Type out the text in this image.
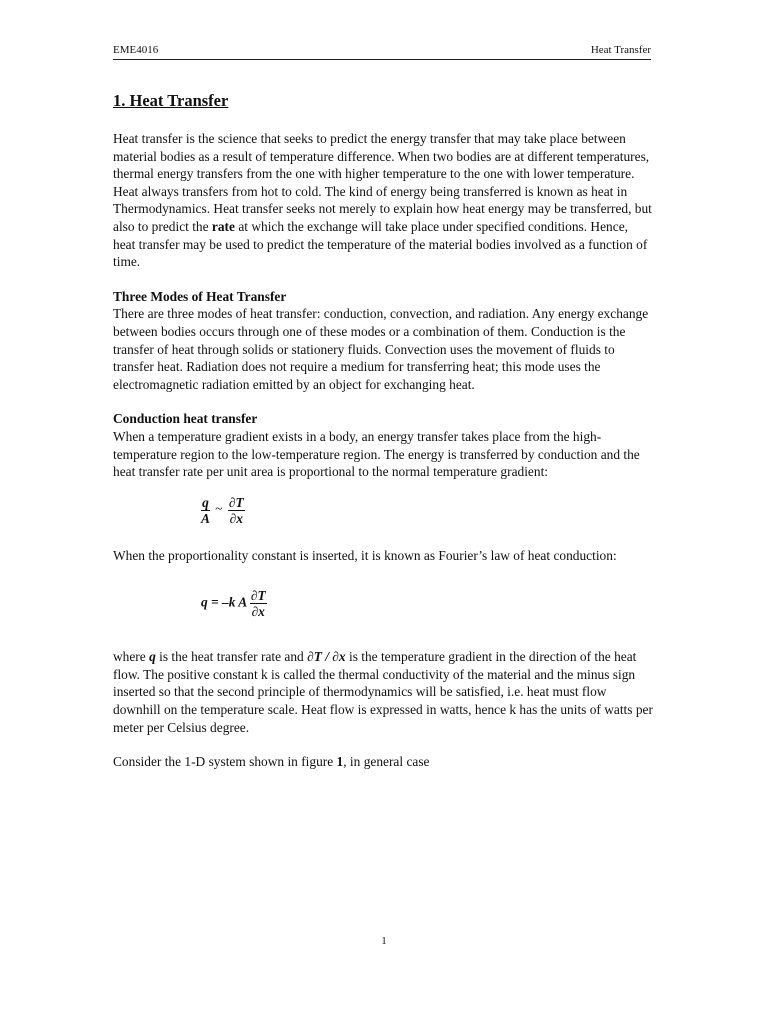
EME4016	Heat Transfer
1. Heat Transfer

Heat transfer is the science that seeks to predict the energy transfer that may take place between material bodies as a result of temperature difference. When two bodies are at different temperatures, thermal energy transfers from the one with higher temperature to the one with lower temperature. Heat always transfers from hot to cold. The kind of energy being transferred is known as heat in Thermodynamics. Heat transfer seeks not merely to explain how heat energy may be transferred, but also to predict the rate at which the exchange will take place under specified conditions. Hence, heat transfer may be used to predict the temperature of the material bodies involved as a function of time.

Three Modes of Heat Transfer

There are three modes of heat transfer: conduction, convection, and radiation. Any energy exchange between bodies occurs through one of these modes or a combination of them. Conduction is the transfer of heat through solids or stationery fluids. Convection uses the movement of fluids to transfer heat. Radiation does not require a medium for transferring heat; this mode uses the electromagnetic radiation emitted by an object for exchanging heat.

Conduction heat transfer

When a temperature gradient exists in a body, an energy transfer takes place from the high-temperature region to the low-temperature region. The energy is transferred by conduction and the heat transfer rate per unit area is proportional to the normal temperature gradient:

$\frac{q}{A}$ ~ $\frac{\partial T}{\partial x}$

When the proportionality constant is inserted, it is known as Fourier’s law of heat conduction:

q = –k A $\frac{\partial T}{\partial x}$

where q is the heat transfer rate and ∂T / ∂x is the temperature gradient in the direction of the heat flow. The positive constant k is called the thermal conductivity of the material and the minus sign inserted so that the second principle of thermodynamics will be satisfied, i.e. heat must flow downhill on the temperature scale. Heat flow is expressed in watts, hence k has the units of watts per meter per Celsius degree.

Consider the 1-D system shown in figure 1, in general case

1
